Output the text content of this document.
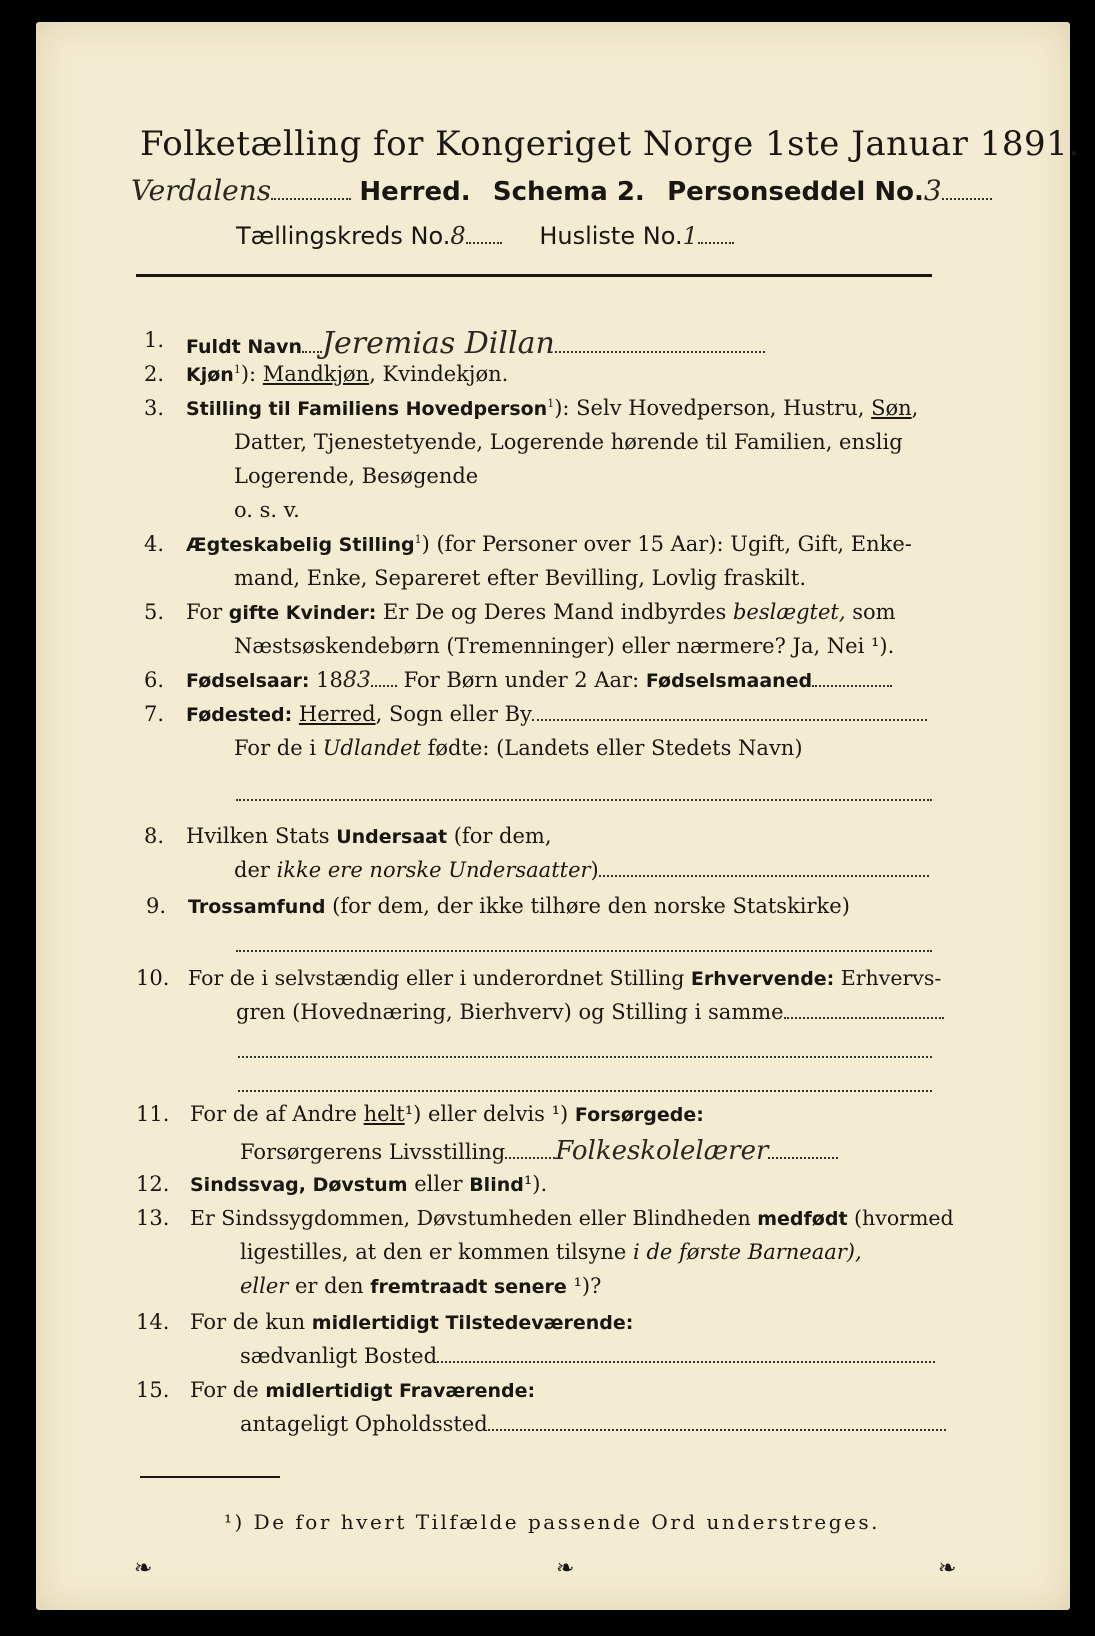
Folketælling for Kongeriget Norge 1ste Januar 1891.
Verdalens	Herred. Schema 2. Personseddel No.3
Tællingskreds No.8	Husliste No.1
1. Fuldt Navn Jeremias Dillan
2. Kjøn$^1$): Mandkjøn, Kvindekjøn.
3. Stilling til Familiens Hovedperson$^1$): Selv Hovedperson, Hustru, Søn,
Datter, Tjenestetyende, Logerende hørende til Familien, enslig
Logerende, Besøgende
o. s. v.
4. Ægteskabelig Stilling$^1$) (for Personer over 15 Aar): Ugift, Gift, Enke-
mand, Enke, Separeret efter Bevilling, Lovlig fraskilt.
5. For gifte Kvinder: Er De og Deres Mand indbyrdes beslægtet, som
Næstsøskendebørn (Tremenninger) eller nærmere? Ja, Nei ¹).
6. Fødselsaar: 1883 For Børn under 2 Aar: Fødselsmaaned
7. Fødested: Herred, Sogn eller By
For de i Udlandet fødte: (Landets eller Stedets Navn)
8. Hvilken Stats Undersaat (for dem,
der ikke ere norske Undersaatter)
9. Trossamfund (for dem, der ikke tilhøre den norske Statskirke)
10. For de i selvstændig eller i underordnet Stilling Erhvervende: Erhvervs-
gren (Hovednæring, Bierhverv) og Stilling i samme
11. For de af Andre helt¹) eller delvis ¹) Forsørgede:
Forsørgerens Livsstilling Folkeskolelærer
12. Sindssvag, Døvstum eller Blind¹).
13. Er Sindssygdommen, Døvstumheden eller Blindheden medfødt (hvormed
ligestilles, at den er kommen tilsyne i de første Barneaar),
eller er den fremtraadt senere ¹)?
14. For de kun midlertidigt Tilstedeværende:
sædvanligt Bosted
15. For de midlertidigt Fraværende:
antageligt Opholdssted
¹) De for hvert Tilfælde passende Ord understreges.
❧	❧	❧
